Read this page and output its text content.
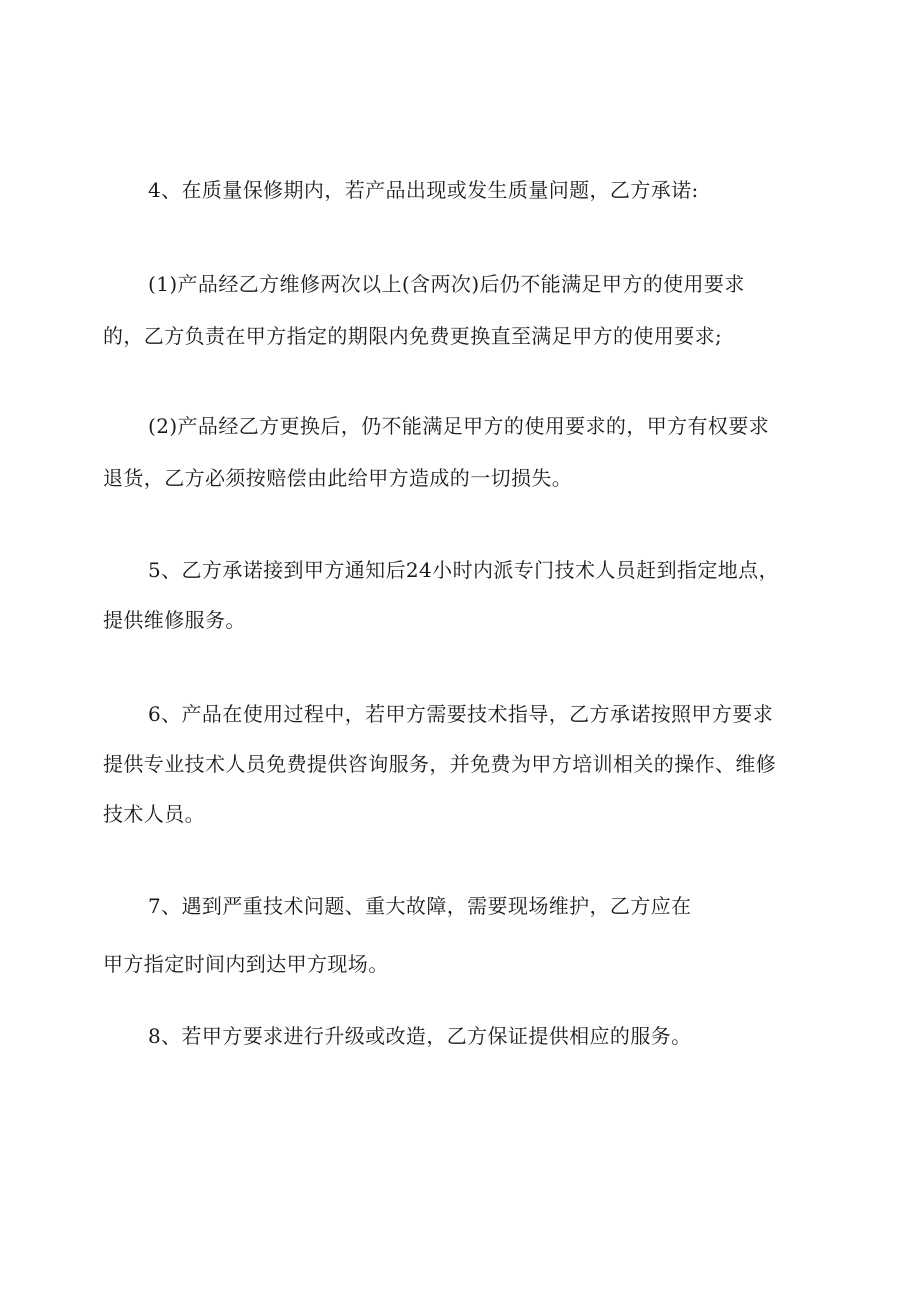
4、在质量保修期内，若产品出现或发生质量问题，乙方承诺:
(1)产品经乙方维修两次以上(含两次)后仍不能满足甲方的使用要求
的，乙方负责在甲方指定的期限内免费更换直至满足甲方的使用要求;
(2)产品经乙方更换后，仍不能满足甲方的使用要求的，甲方有权要求
退货，乙方必须按赔偿由此给甲方造成的一切损失。
5、乙方承诺接到甲方通知后24小时内派专门技术人员赶到指定地点，
提供维修服务。
6、产品在使用过程中，若甲方需要技术指导，乙方承诺按照甲方要求
提供专业技术人员免费提供咨询服务，并免费为甲方培训相关的操作、维修
技术人员。
7、遇到严重技术问题、重大故障，需要现场维护，乙方应在
甲方指定时间内到达甲方现场。
8、若甲方要求进行升级或改造，乙方保证提供相应的服务。
